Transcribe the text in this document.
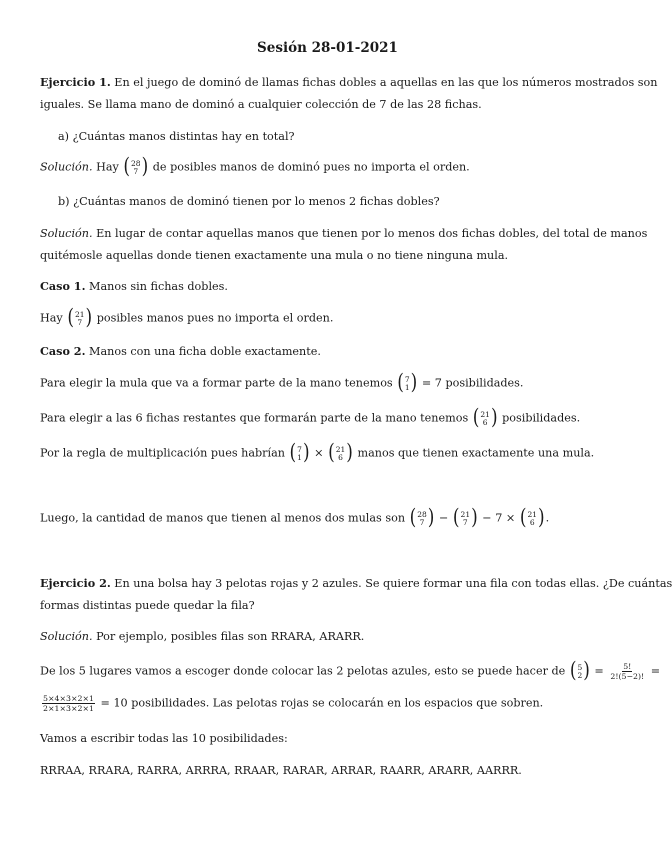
Sesión 28-01-2021
Ejercicio 1. En el juego de dominó de llamas fichas dobles a aquellas en las que los números mostrados son
iguales. Se llama mano de dominó a cualquier colección de 7 de las 28 fichas.
a) ¿Cuántas manos distintas hay en total?
Solución. Hay ( 28
7 ) de posibles manos de dominó pues no importa el orden.
b) ¿Cuántas manos de dominó tienen por lo menos 2 fichas dobles?
Solución. En lugar de contar aquellas manos que tienen por lo menos dos fichas dobles, del total de manos
quitémosle aquellas donde tienen exactamente una mula o no tiene ninguna mula.
Caso 1. Manos sin fichas dobles.
Hay ( 21
7 ) posibles manos pues no importa el orden.
Caso 2. Manos con una ficha doble exactamente.
Para elegir la mula que va a formar parte de la mano tenemos ( 7
1 ) = 7 posibilidades.
Para elegir a las 6 fichas restantes que formarán parte de la mano tenemos ( 21
6 ) posibilidades.
Por la regla de multiplicación pues habrían ( 7
1 ) × ( 21
6 ) manos que tienen exactamente una mula.
Luego, la cantidad de manos que tienen al menos dos mulas son ( 28
7 ) − ( 21
7 ) − 7 × ( 21
6 ) .
Ejercicio 2. En una bolsa hay 3 pelotas rojas y 2 azules. Se quiere formar una fila con todas ellas. ¿De cuántas
formas distintas puede quedar la fila?
Solución. Por ejemplo, posibles filas son RRARA, ARARR.
De los 5 lugares vamos a escoger donde colocar las 2 pelotas azules, esto se puede hacer de ( 5
2 ) = $\frac{5!}{2!(5-2)!}$ =
$\frac{5\times 4\times 3\times 2\times 1}{2\times 1\times 3\times 2\times 1} = 10$ posibilidades. Las pelotas rojas se colocarán en los espacios que sobren.
Vamos a escribir todas las 10 posibilidades:
RRRAA, RRARA, RARRA, ARRRA, RRAAR, RARAR, ARRAR, RAARR, ARARR, AARRR.
